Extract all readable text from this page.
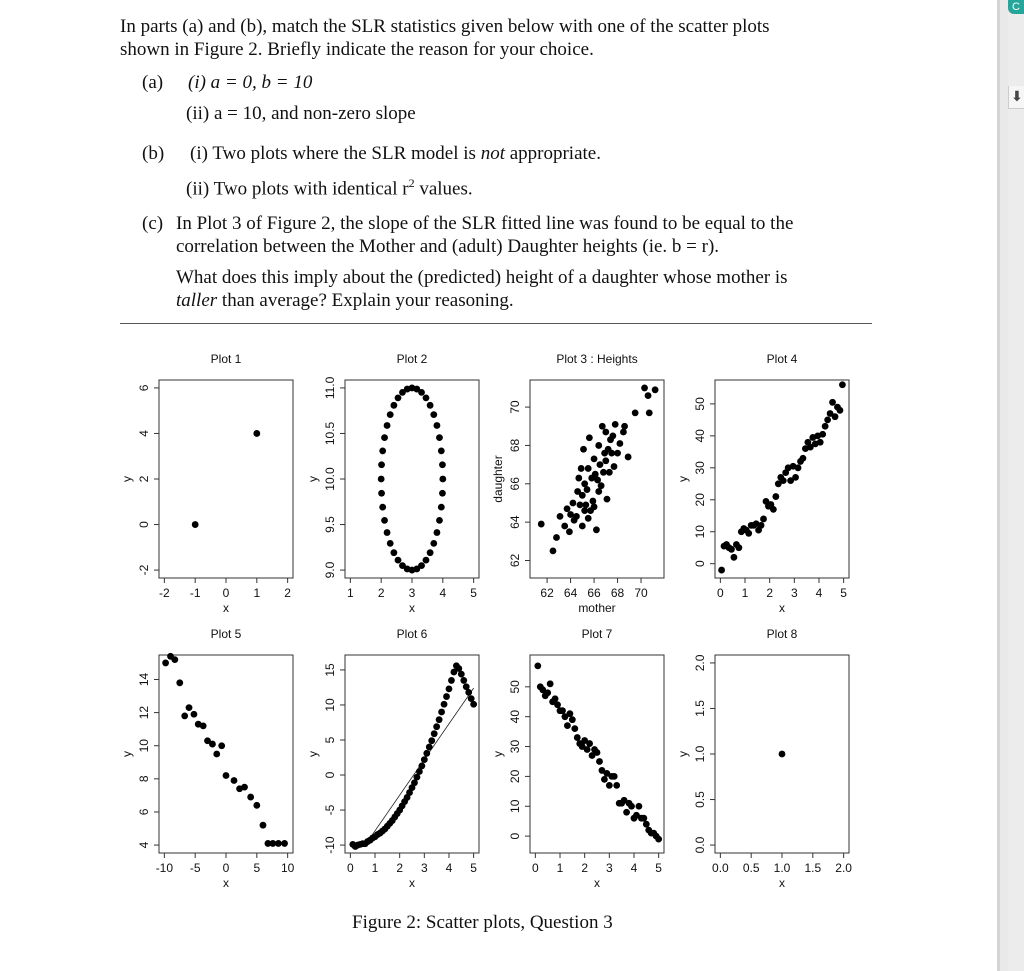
In parts (a) and (b), match the SLR statistics given below with one of the scatter plots
shown in Figure 2. Briefly indicate the reason for your choice.
(a) (i) a = 0, b = 10
(ii) a = 10, and non-zero slope
(b) (i) Two plots where the SLR model is not appropriate.
(ii) Two plots with identical $r^2$ values.
(c) In Plot 3 of Figure 2, the slope of the SLR fitted line was found to be equal to the
correlation between the Mother and (adult) Daughter heights (ie. b = r).
What does this imply about the (predicted) height of a daughter whose mother is
taller than average? Explain your reasoning.
Plot 1
-2 -1 0 1 2
x
-2
0
2
4
6
y
Plot 2
1 2 3 4 5
x
9.0
9.5
10.0
10.5
11.0
y
Plot 3 : Heights
62 64 66 68 70
mother
62
64
66
68
70
daughter
Plot 4
0 1 2 3 4 5
x
0
10
20
30
40
50
y
Plot 5
-10 -5 0 5 10
x
4
6
8
10
12
14
y
Plot 6
0 1 2 3 4 5
x
-10
-5
0
5
10
15
y
Plot 7
0 1 2 3 4 5
x
0
10
20
30
40
50
y
Plot 8
0.0 0.5 1.0 1.5 2.0
x
0.0
0.5
1.0
1.5
2.0
y
Figure 2: Scatter plots, Question 3
C
⬇
